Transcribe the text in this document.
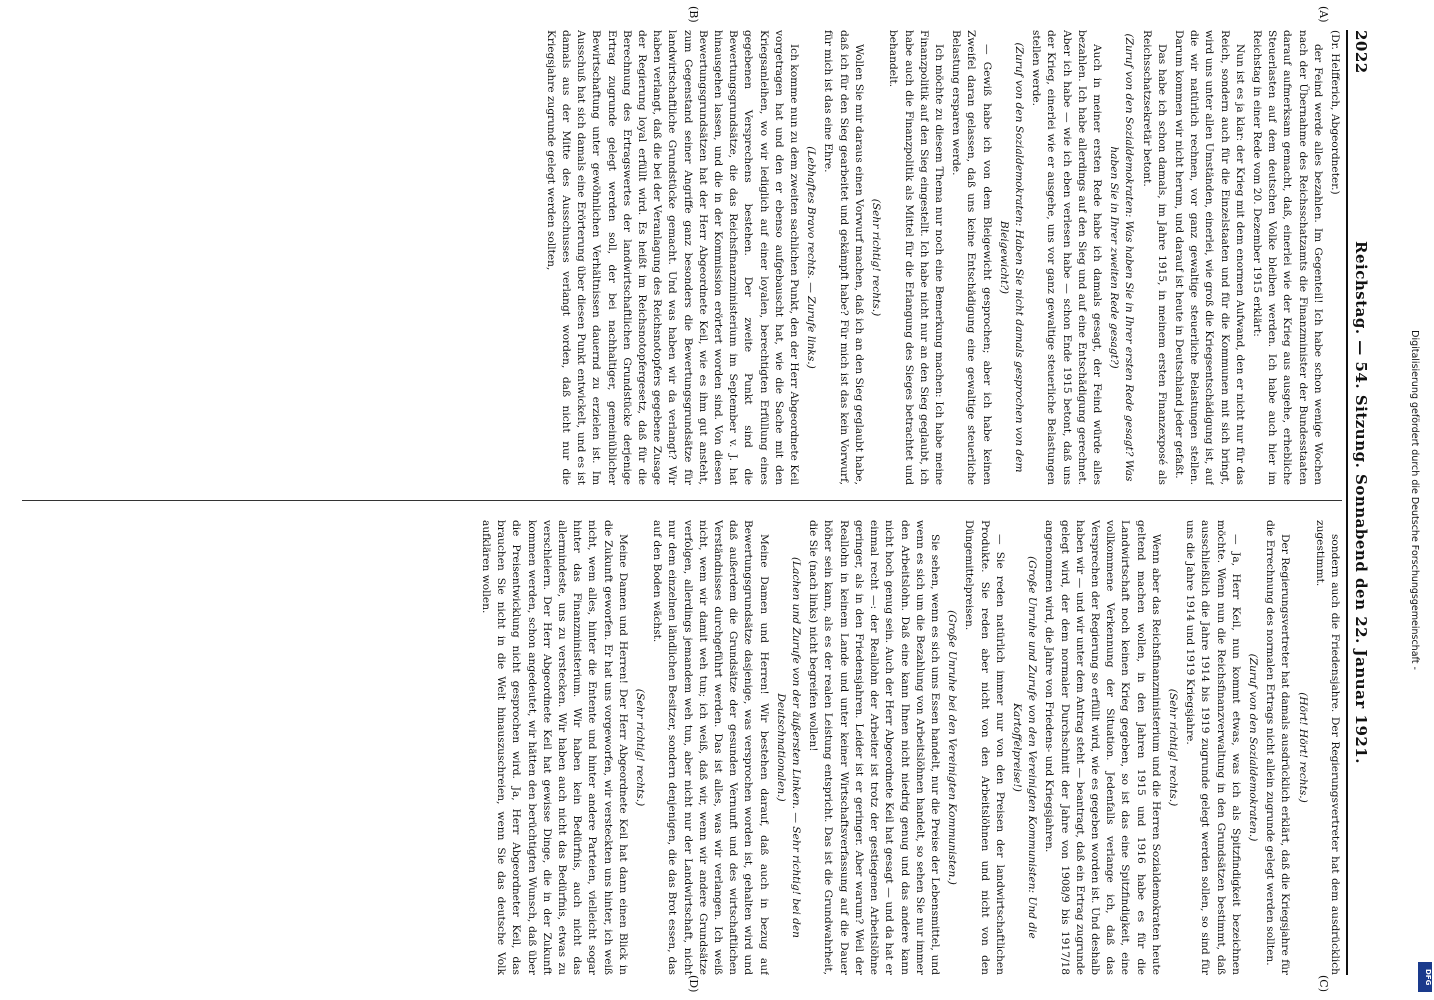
2022
Reichstag. — 54. Sitzung. Sonnabend den 22. Januar 1921.
(A)
(B)
(C)
(D)

(Dr. Helfferich, Abgeordneter.)

der Feind werde alles bezahlen. Im Gegenteil! Ich habe schon wenige Wochen nach der Übernahme des Reichsschatzamts die Finanzminister der Bundesstaaten darauf aufmerksam gemacht, daß, einerlei wie der Krieg aus ausgehe, erhebliche Steuerlasten auf dem deutschen Volke bleiben werden. Ich habe auch hier im Reichstag in einer Rede vom 20. Dezember 1915 erklärt:

Nun ist es ja klar: der Krieg mit dem enormen Aufwand, den er nicht nur für das Reich, sondern auch für die Einzelstaaten und für die Kommunen mit sich bringt, wird uns unter allen Umständen, einerlei, wie groß die Kriegsentschädigung ist, auf die wir natürlich rechnen, vor ganz gewaltige steuerliche Belastungen stellen. Darum kommen wir nicht herum, und darauf ist heute in Deutschland jeder gefaßt.

Das habe ich schon damals, im Jahre 1915, in meinem ersten Finanzexposé als Reichsschatzsekretär betont.

(Zuruf von den Sozialdemokraten: Was haben Sie in Ihrer ersten Rede gesagt? Was haben Sie in Ihrer zweiten Rede gesagt?)

Auch in meiner ersten Rede habe ich damals gesagt, der Feind würde alles bezahlen. Ich habe allerdings auf den Sieg und auf eine Entschädigung gerechnet. Aber ich habe — wie ich eben verlesen habe — schon Ende 1915 betont, daß uns der Krieg, einerlei wie er ausgehe, uns vor ganz gewaltige steuerliche Belastungen stellen werde.

(Zuruf von den Sozialdemokraten: Haben Sie nicht damals gesprochen von dem Bleigewicht?)

— Gewiß habe ich von dem Bleigewicht gesprochen; aber ich habe keinen Zweifel daran gelassen, daß uns keine Entschädigung eine gewaltige steuerliche Belastung ersparen werde.

Ich möchte zu diesem Thema nur noch eine Bemerkung machen: Ich habe meine Finanzpolitik auf den Sieg eingestellt. Ich habe nicht nur an den Sieg geglaubt, ich habe auch die Finanzpolitik als Mittel für die Erlangung des Sieges betrachtet und behandelt.

(Sehr richtig! rechts.)

Wollen Sie mir daraus einen Vorwurf machen, daß ich an den Sieg geglaubt habe, daß ich für den Sieg gearbeitet und gekämpft habe? Für mich ist das kein Vorwurf, für mich ist das eine Ehre.

(Lebhaftes Bravo rechts. — Zurufe links.)

Ich komme nun zu dem zweiten sachlichen Punkt, den der Herr Abgeordnete Keil vorgetragen hat und den er ebenso aufgebauscht hat, wie die Sache mit den Kriegsanleihen, wo wir lediglich auf einer loyalen, berechtigten Erfüllung eines gegebenen Versprechens bestehen. Der zweite Punkt sind die Bewertungsgrundsätze, die das Reichsfinanzministerium im September v. J. hat hinausgehen lassen, und die in der Kommission erörtert worden sind. Von diesen Bewertungsgrundsätzen hat der Herr Abgeordnete Keil, wie es ihm gut ansteht, zum Gegenstand seiner Angriffe ganz besonders die Bewertungsgrundsätze für landwirtschaftliche Grundstücke gemacht. Und was haben wir da verlangt? Wir haben verlangt, daß die bei der Veranlagung des Reichsnotopfers gegebene Zusage der Regierung loyal erfüllt wird. Es heißt im Reichsnotopfergesetz, daß für die Berechnung des Ertragswertes der landwirtschaftlichen Grundstücke derjenige Ertrag zugrunde gelegt werden soll, der bei nachhaltiger, gemeinüblicher Bewirtschaftung unter gewöhnlichen Verhältnissen dauernd zu erzielen ist. Im Ausschuß hat sich damals eine Erörterung über diesen Punkt entwickelt, und es ist damals aus der Mitte des Ausschusses verlangt worden, daß nicht nur die Kriegsjahre zugrunde gelegt werden sollten,

sondern auch die Friedensjahre. Der Regierungsvertreter hat dem ausdrücklich zugestimmt.

(Hört! Hört! rechts.)

Der Regierungsvertreter hat damals ausdrücklich erklärt, daß die Kriegsjahre für die Errechnung des normalen Ertrags nicht allein zugrunde gelegt werden sollten.

(Zuruf von den Sozialdemokraten.)

— Ja, Herr Keil, nun kommt etwas, was ich als Spitzfindigkeit bezeichnen möchte. Wenn nun die Reichsfinanzverwaltung in den Grundsätzen bestimmt, daß ausschließlich die Jahre 1914 bis 1919 zugrunde gelegt werden sollen, so sind für uns die Jahre 1914 und 1919 Kriegsjahre.

(Sehr richtig! rechts.)

Wenn aber das Reichsfinanzministerium und die Herren Sozialdemokraten heute geltend machen wollen, in den Jahren 1915 und 1916 habe es für die Landwirtschaft noch keinen Krieg gegeben, so ist das eine Spitzfindigkeit, eine vollkommene Verkennung der Situation. Jedenfalls verlange ich, daß das Versprechen der Regierung so erfüllt wird, wie es gegeben worden ist. Und deshalb haben wir — und wir unter dem Antrag steht — beantragt, daß ein Ertrag zugrunde gelegt wird, der dem normaler Durchschnitt der Jahre von 1908/9 bis 1917/18 angenommen wird, die Jahre von Friedens- und Kriegsjahren.

(Große Unruhe und Zurufe von den Vereinigten Kommunisten: Und die Kartoffelpreise!)

— Sie reden natürlich immer nur von den Preisen der landwirtschaftlichen Produkte. Sie reden aber nicht von den Arbeitslöhnen und nicht von den Düngemittelpreisen.

(Große Unruhe bei den Vereinigten Kommunisten.)

Sie sehen, wenn es sich ums Essen handelt, nur die Preise der Lebensmittel, und wenn es sich um die Bezahlung von Arbeitslöhnen handelt, so sehen Sie nur immer den Arbeitslohn. Daß eine kann Ihnen nicht niedrig genug und das andere kann nicht hoch genug sein. Auch der Herr Abgeordnete Keil hat gesagt — und da hat er einmal recht —: der Reallohn der Arbeiter ist trotz der gestiegenen Arbeitslöhne geringer, als in den Friedensjahren. Leider ist er geringer. Aber warum? Weil der Reallohn in keinem Lande und unter keiner Wirtschaftsverfassung auf die Dauer höher sein kann, als es der realen Leistung entspricht. Das ist die Grundwahrheit, die Sie (nach links) nicht begreifen wollen!

(Lachen und Zurufe von der äußersten Linken. — Sehr richtig! bei den Deutschnationalen.)

Meine Damen und Herren! Wir bestehen darauf, daß auch in bezug auf Bewertungsgrundsätze dasjenige, was versprochen worden ist, gehalten wird und daß außerdem die Grundsätze der gesunden Vernunft und des wirtschaftlichen Verständnisses durchgeführt werden. Das ist alles, was wir verlangen. Ich weiß nicht, wem wir damit weh tun; ich weiß, daß wir, wenn wir andere Grundsätze verfolgen, allerdings jemandem weh tun, aber nicht nur der Landwirtschaft, nicht nur dem einzelnen ländlichen Besitzer, sondern denjenigen, die das Brot essen, das auf den Boden wächst.

(Sehr richtig! rechts.)

Meine Damen und Herren! Der Herr Abgeordnete Keil hat dann einen Blick in die Zukunft geworfen. Er hat uns vorgeworfen, wir versteckten uns hinter, ich weiß nicht, wem alles, hinter die Entente und hinter andere Parteien, vielleicht sogar hinter das Finanzministerium. Wir haben kein Bedürfnis, auch nicht das allermindeste, uns zu verstecken. Wir haben auch nicht das Bedürfnis, etwas zu verschleiern. Der Herr Abgeordnete Keil hat gewisse Dinge, die in der Zukunft kommen werden, schon angedeutet, wir hätten den berüchtigten Wunsch, daß über die Preisentwicklung nicht gesprochen wird. Ja, Herr Abgeordneter Keil, das brauchen Sie nicht in die Welt hinauszuschreien, wenn Sie das deutsche Volk aufklären wollen.	Digitalisierung gefördert durch die Deutsche Forschungsgemeinschaft -
DFG
